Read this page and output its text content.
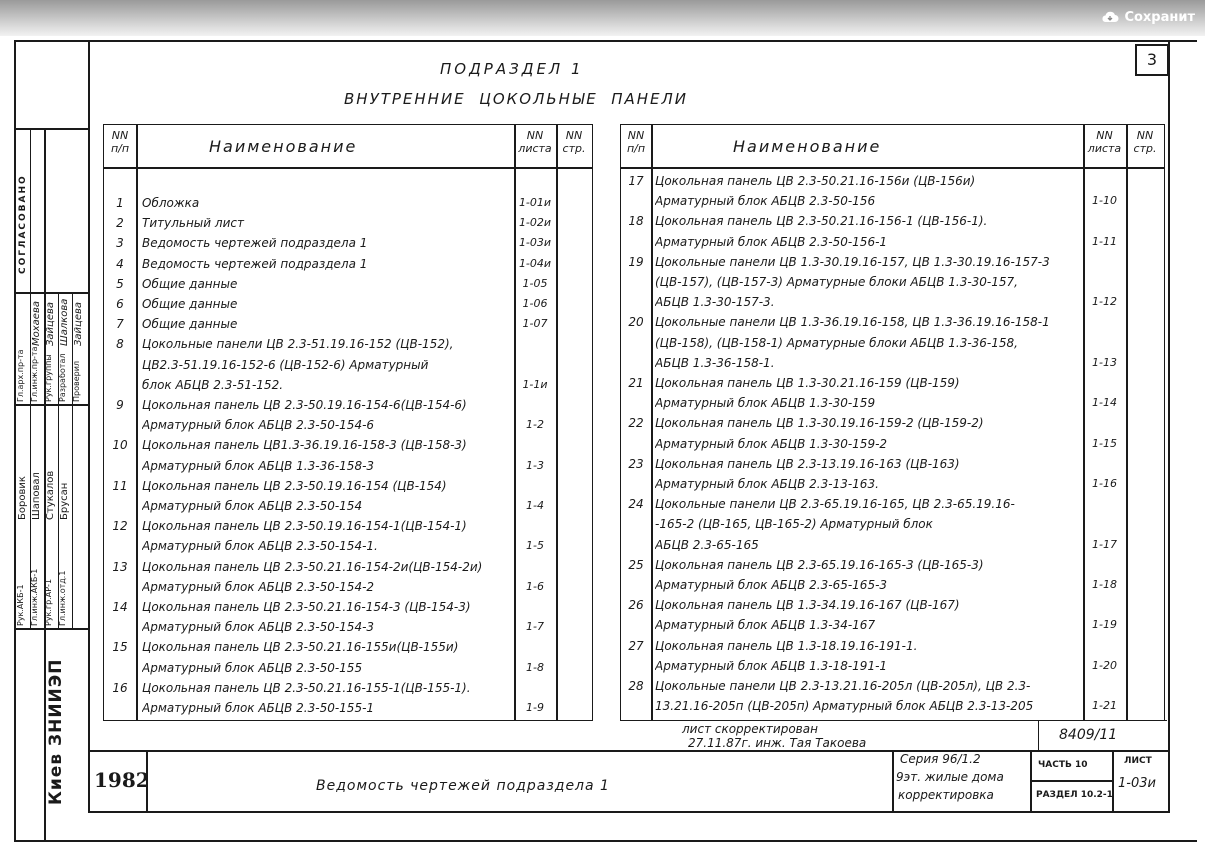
Сохранит
3
ПОДРАЗДЕЛ 1
ВНУТРЕННИЕ  ЦОКОЛЬНЫЕ  ПАНЕЛИ
NN
п/п	Наименование
NN
листа
NN
стр.
1	Обложка	1-01и
2	Титульный лист	1-02и
3	Ведомость чертежей подраздела 1	1-03и
4	Ведомость чертежей подраздела 1	1-04и
5	Общие данные	1-05
6	Общие данные	1-06
7	Общие данные	1-07
8	Цокольные панели ЦВ 2.3-51.19.16-152 (ЦВ-152),
ЦВ2.3-51.19.16-152-6 (ЦВ-152-6) Арматурный
блок АБЦВ 2.3-51-152.	1-1и
9	Цокольная панель ЦВ 2.3-50.19.16-154-6(ЦВ-154-6)
Арматурный блок АБЦВ 2.3-50-154-6	1-2
10	Цокольная панель ЦВ1.3-36.19.16-158-3 (ЦВ-158-3)
Арматурный блок АБЦВ 1.3-36-158-3	1-3
11	Цокольная панель ЦВ 2.3-50.19.16-154 (ЦВ-154)
Арматурный блок АБЦВ 2.3-50-154	1-4
12	Цокольная панель ЦВ 2.3-50.19.16-154-1(ЦВ-154-1)
Арматурный блок АБЦВ 2.3-50-154-1.	1-5
13	Цокольная панель ЦВ 2.3-50.21.16-154-2и(ЦВ-154-2и)
Арматурный блок АБЦВ 2.3-50-154-2	1-6
14	Цокольная панель ЦВ 2.3-50.21.16-154-3 (ЦВ-154-3)
Арматурный блок АБЦВ 2.3-50-154-3	1-7
15	Цокольная панель ЦВ 2.3-50.21.16-155и(ЦВ-155и)
Арматурный блок АБЦВ 2.3-50-155	1-8
16	Цокольная панель ЦВ 2.3-50.21.16-155-1(ЦВ-155-1).
Арматурный блок АБЦВ 2.3-50-155-1	1-9
NN
п/п	Наименование
NN
листа
NN
стр.
17 Цокольная панель ЦВ 2.3-50.21.16-156и (ЦВ-156и)
Арматурный блок АБЦВ 2.3-50-156	1-10
18 Цокольная панель ЦВ 2.3-50.21.16-156-1 (ЦВ-156-1).
Арматурный блок АБЦВ 2.3-50-156-1	1-11
19 Цокольные панели ЦВ 1.3-30.19.16-157, ЦВ 1.3-30.19.16-157-3
(ЦВ-157), (ЦВ-157-3) Арматурные блоки АБЦВ 1.3-30-157,
АБЦВ 1.3-30-157-3.	1-12
20 Цокольные панели ЦВ 1.3-36.19.16-158, ЦВ 1.3-36.19.16-158-1
(ЦВ-158), (ЦВ-158-1) Арматурные блоки АБЦВ 1.3-36-158,
АБЦВ 1.3-36-158-1.	1-13
21 Цокольная панель ЦВ 1.3-30.21.16-159 (ЦВ-159)
Арматурный блок АБЦВ 1.3-30-159	1-14
22 Цокольная панель ЦВ 1.3-30.19.16-159-2 (ЦВ-159-2)
Арматурный блок АБЦВ 1.3-30-159-2	1-15
23 Цокольная панель ЦВ 2.3-13.19.16-163 (ЦВ-163)
Арматурный блок АБЦВ 2.3-13-163.	1-16
24 Цокольные панели ЦВ 2.3-65.19.16-165, ЦВ 2.3-65.19.16-
-165-2 (ЦВ-165, ЦВ-165-2) Арматурный блок
АБЦВ 2.3-65-165	1-17
25 Цокольная панель ЦВ 2.3-65.19.16-165-3 (ЦВ-165-3)
Арматурный блок АБЦВ 2.3-65-165-3	1-18
26 Цокольная панель ЦВ 1.3-34.19.16-167 (ЦВ-167)
Арматурный блок АБЦВ 1.3-34-167	1-19
27 Цокольная панель ЦВ 1.3-18.19.16-191-1.
Арматурный блок АБЦВ 1.3-18-191-1	1-20
28 Цокольные панели ЦВ 2.3-13.21.16-205л (ЦВ-205л), ЦВ 2.3-
13.21.16-205п (ЦВ-205п) Арматурный блок АБЦВ 2.3-13-205	1-21
лист скорректирован
27.11.87г. инж. Тая Такоева	8409/11
1982	Ведомость чертежей подраздела 1
Серия 96/1.2
9эт. жилые дома
корректировка
ЧАСТЬ 10
РАЗДЕЛ 10.2-1
ЛИСТ
1-03и
СОГЛАСОВАНО
Киев ЗНИИЭП
Рук.АКБ-1 Гл.инж.АКБ-1 Рук.гр.АР-1 Гл.инж.отд.1
Гл.арх.пр-та Гл.инж.пр-та Рук.группы Разработал Проверил
Боровик Шаповал Стукалов Брусан
Мохаева Зайцева Шалкова Зайцева
